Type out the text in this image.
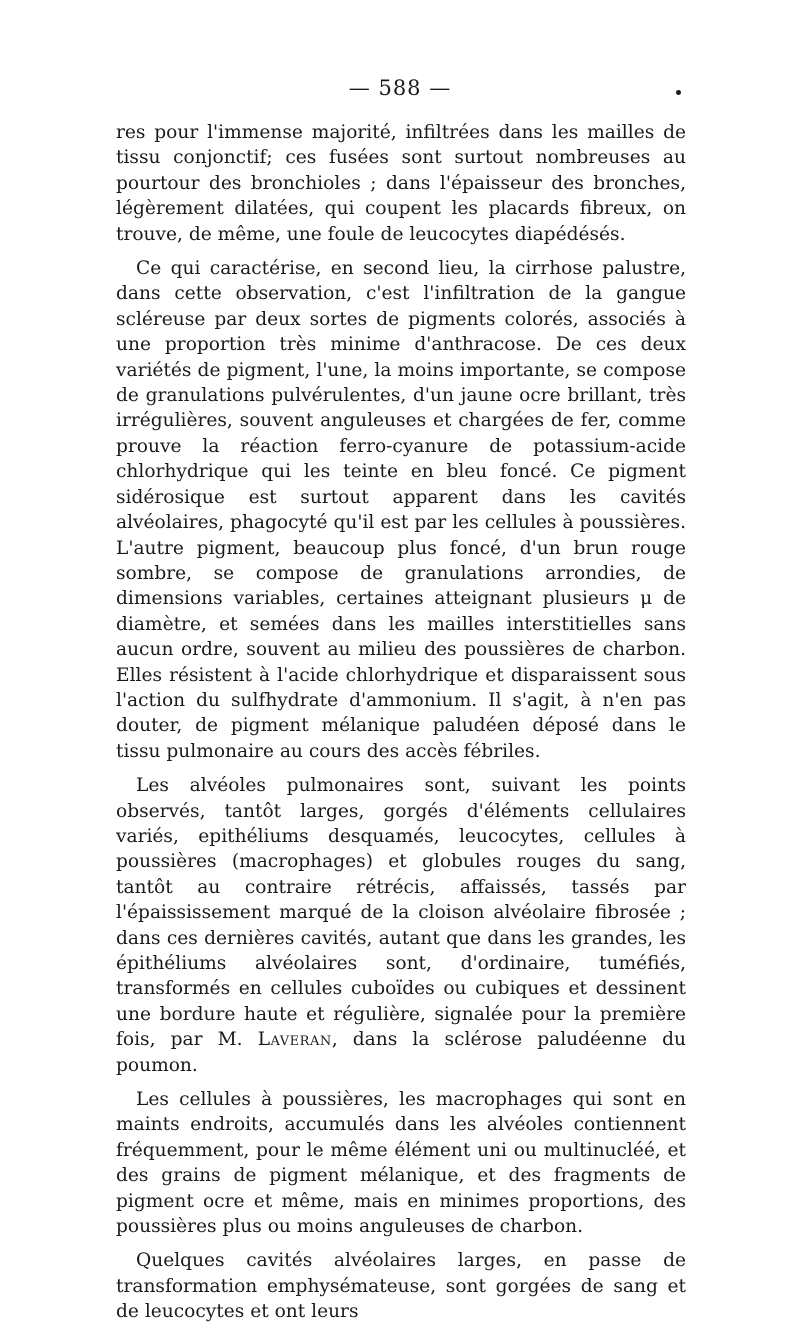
— 588 —

res pour l'immense majorité, infiltrées dans les mailles de tissu conjonctif; ces fusées sont surtout nombreuses au pourtour des bronchioles ; dans l'épaisseur des bronches, légèrement dilatées, qui coupent les placards fibreux, on trouve, de même, une foule de leucocytes diapédésés.

Ce qui caractérise, en second lieu, la cirrhose palustre, dans cette observation, c'est l'infiltration de la gangue scléreuse par deux sortes de pigments colorés, associés à une proportion très minime d'anthracose. De ces deux variétés de pigment, l'une, la moins importante, se compose de granulations pulvérulentes, d'un jaune ocre brillant, très irrégulières, souvent anguleuses et chargées de fer, comme prouve la réaction ferro-cyanure de potassium-acide chlorhydrique qui les teinte en bleu foncé. Ce pigment sidérosique est surtout apparent dans les cavités alvéolaires, phagocyté qu'il est par les cellules à poussières. L'autre pigment, beaucoup plus foncé, d'un brun rouge sombre, se compose de granulations arrondies, de dimensions variables, certaines atteignant plusieurs μ de diamètre, et semées dans les mailles interstitielles sans aucun ordre, souvent au milieu des poussières de charbon. Elles résistent à l'acide chlorhydrique et disparaissent sous l'action du sulfhydrate d'ammonium. Il s'agit, à n'en pas douter, de pigment mélanique paludéen déposé dans le tissu pulmonaire au cours des accès fébriles.

Les alvéoles pulmonaires sont, suivant les points observés, tantôt larges, gorgés d'éléments cellulaires variés, epithéliums desquamés, leucocytes, cellules à poussières (macrophages) et globules rouges du sang, tantôt au contraire rétrécis, affaissés, tassés par l'épaississement marqué de la cloison alvéolaire fibrosée ; dans ces dernières cavités, autant que dans les grandes, les épithéliums alvéolaires sont, d'ordinaire, tuméfiés, transformés en cellules cuboïdes ou cubiques et dessinent une bordure haute et régulière, signalée pour la première fois, par M. Laveran, dans la sclérose paludéenne du poumon.

Les cellules à poussières, les macrophages qui sont en maints endroits, accumulés dans les alvéoles contiennent fréquemment, pour le même élément uni ou multinucléé, et des grains de pigment mélanique, et des fragments de pigment ocre et même, mais en minimes proportions, des poussières plus ou moins anguleuses de charbon.

Quelques cavités alvéolaires larges, en passe de transformation emphysémateuse, sont gorgées de sang et de leucocytes et ont leurs
